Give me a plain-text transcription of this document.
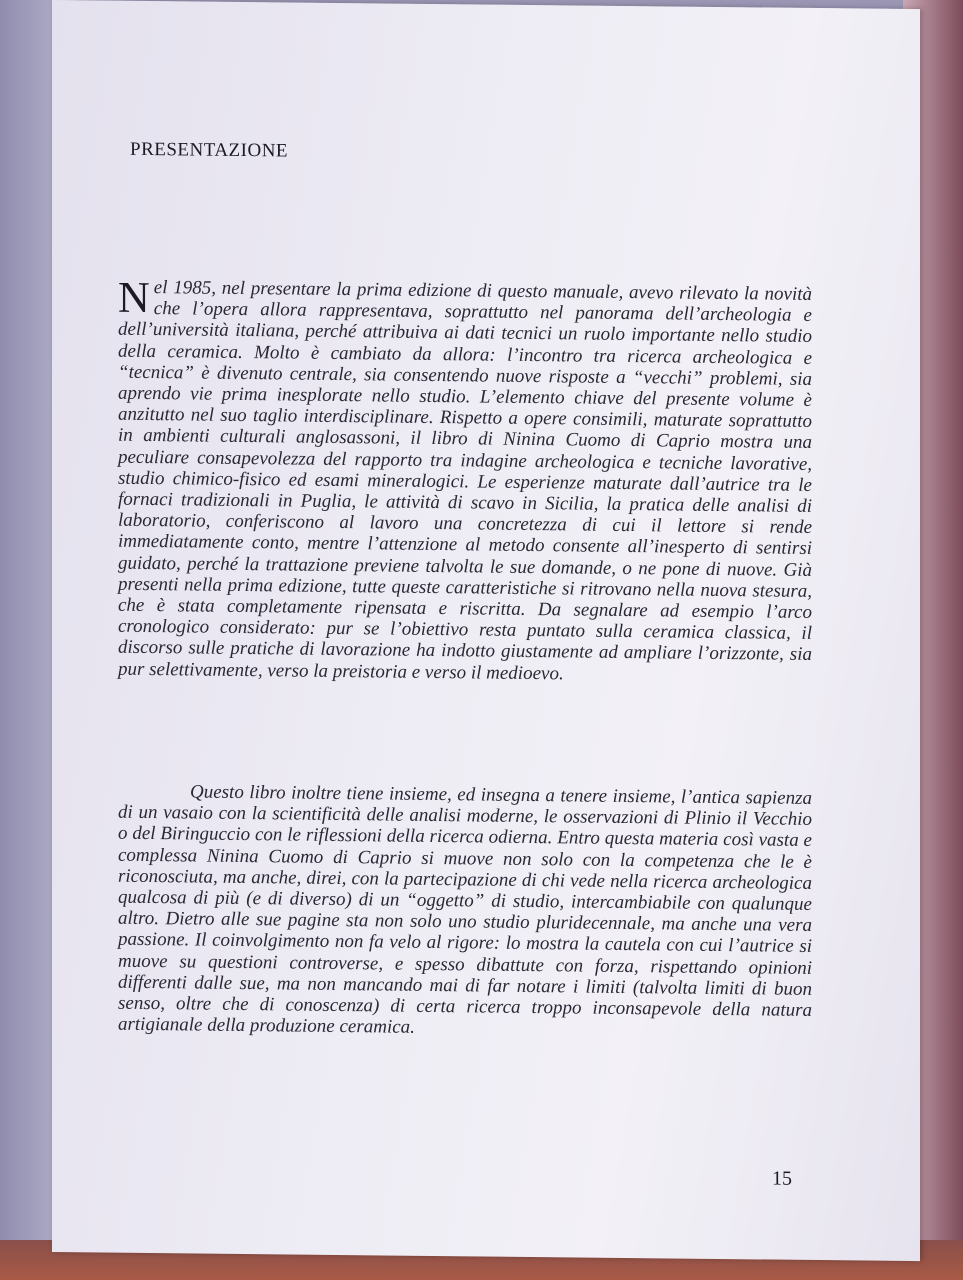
PRESENTAZIONE

Nel 1985, nel presentare la prima edizione di questo manuale, avevo rilevato la novità che l’opera allora rappresentava, soprattutto nel panorama dell’archeologia e dell’università italiana, perché attribuiva ai dati tecnici un ruolo importante nello studio della ceramica. Molto è cambiato da allora: l’incontro tra ricerca archeologica e “tecnica” è divenuto centrale, sia consentendo nuove risposte a “vecchi” problemi, sia aprendo vie prima inesplorate nello studio. L’elemento chiave del presente volume è anzitutto nel suo taglio interdisciplinare. Rispetto a opere consimili, maturate soprattutto in ambienti culturali anglosassoni, il libro di Ninina Cuomo di Caprio mostra una peculiare consapevolezza del rapporto tra indagine archeologica e tecniche lavorative, studio chimico-fisico ed esami mineralogici. Le esperienze maturate dall’autrice tra le fornaci tradizionali in Puglia, le attività di scavo in Sicilia, la pratica delle analisi di laboratorio, conferiscono al lavoro una concretezza di cui il lettore si rende immediatamente conto, mentre l’attenzione al metodo consente all’inesperto di sentirsi guidato, perché la trattazione previene talvolta le sue domande, o ne pone di nuove. Già presenti nella prima edizione, tutte queste caratteristiche si ritrovano nella nuova stesura, che è stata completamente ripensata e riscritta. Da segnalare ad esempio l’arco cronologico considerato: pur se l’obiettivo resta puntato sulla ceramica classica, il discorso sulle pratiche di lavorazione ha indotto giustamente ad ampliare l’orizzonte, sia pur selettivamente, verso la preistoria e verso il medioevo.

Questo libro inoltre tiene insieme, ed insegna a tenere insieme, l’antica sapienza di un vasaio con la scientificità delle analisi moderne, le osservazioni di Plinio il Vecchio o del Biringuccio con le riflessioni della ricerca odierna. Entro questa materia così vasta e complessa Ninina Cuomo di Caprio si muove non solo con la competenza che le è riconosciuta, ma anche, direi, con la partecipazione di chi vede nella ricerca archeologica qualcosa di più (e di diverso) di un “oggetto” di studio, intercambiabile con qualunque altro. Dietro alle sue pagine sta non solo uno studio pluridecennale, ma anche una vera passione. Il coinvolgimento non fa velo al rigore: lo mostra la cautela con cui l’autrice si muove su questioni controverse, e spesso dibattute con forza, rispettando opinioni differenti dalle sue, ma non mancando mai di far notare i limiti (talvolta limiti di buon senso, oltre che di conoscenza) di certa ricerca troppo inconsapevole della natura artigianale della produzione ceramica.

15
